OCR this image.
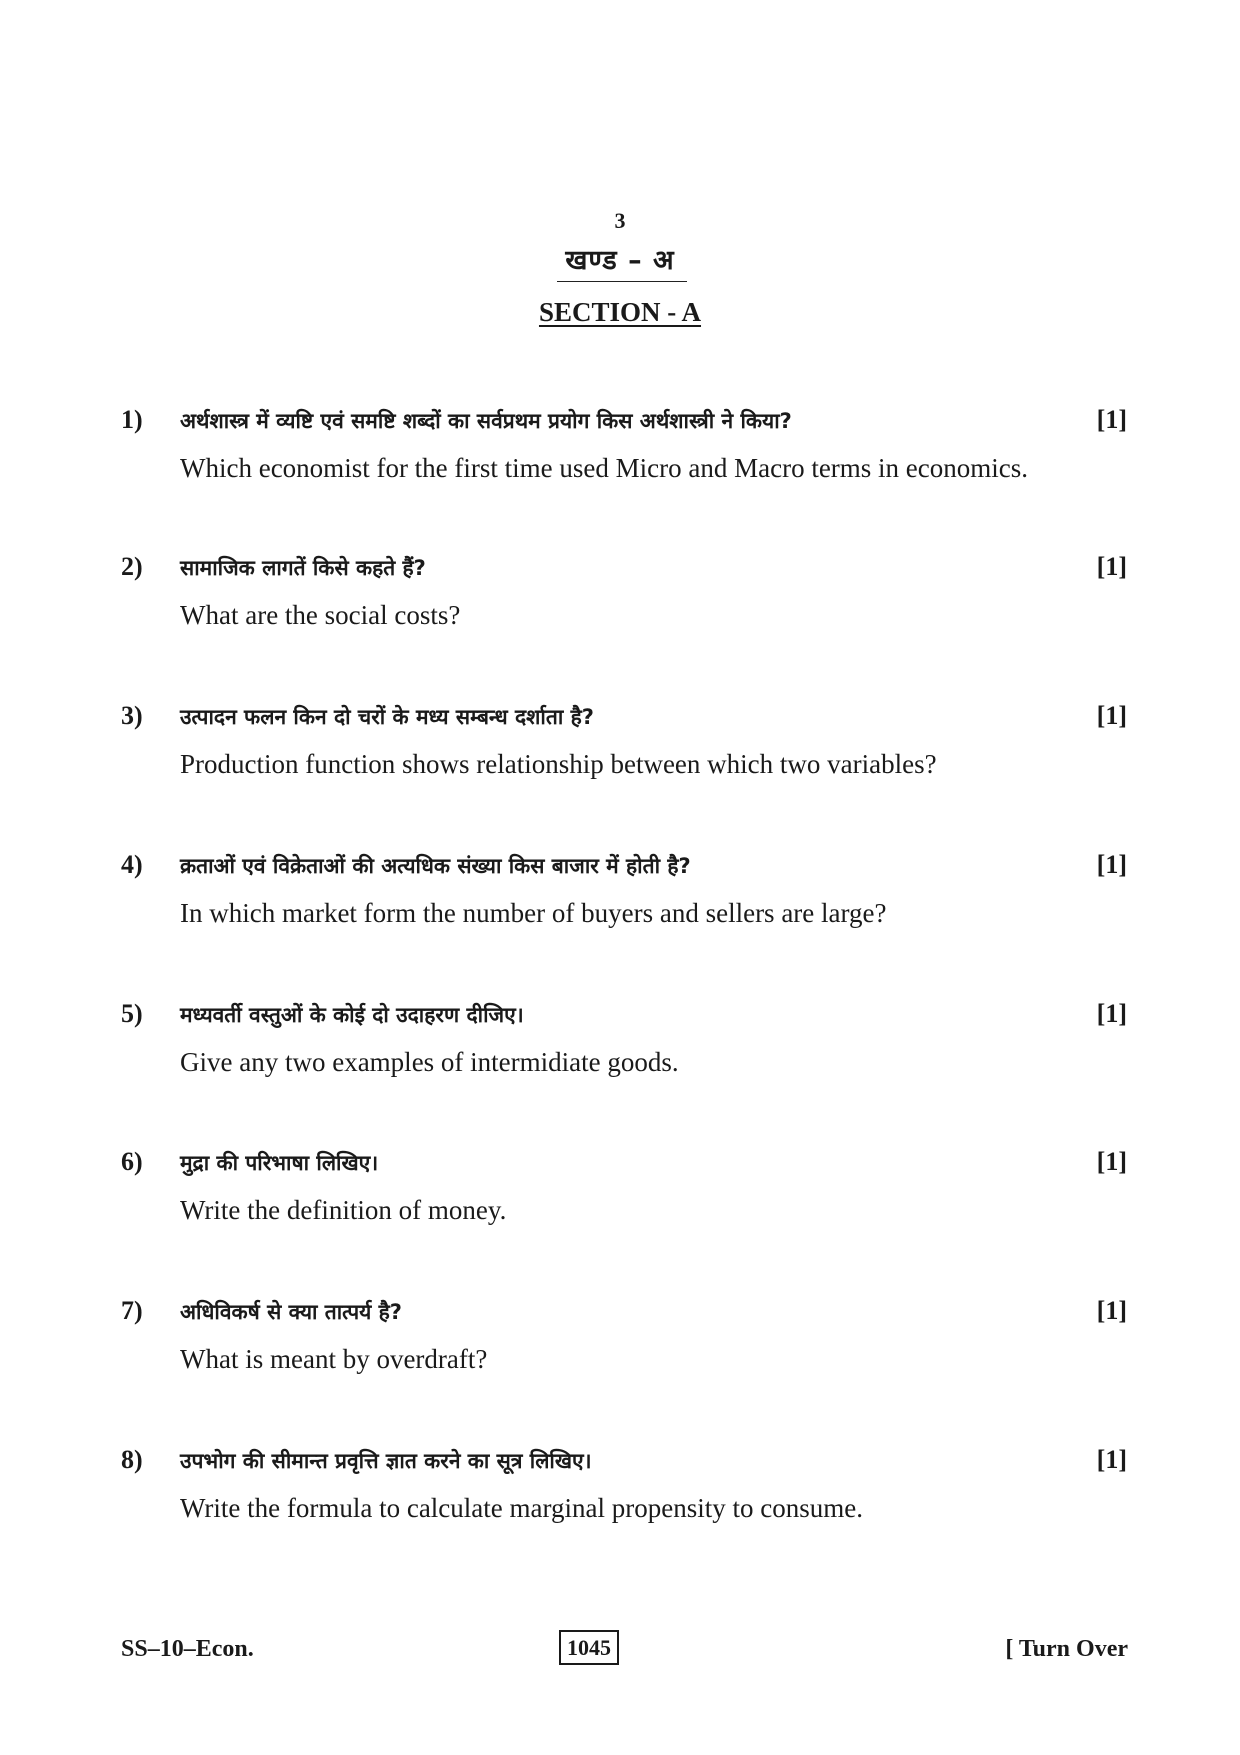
3
खण्ड – अ
SECTION - A
1) अर्थशास्त्र में व्यष्टि एवं समष्टि शब्दों का सर्वप्रथम प्रयोग किस अर्थशास्त्री ने किया?	[1]
Which economist for the first time used Micro and Macro terms in economics.
2) सामाजिक लागतें किसे कहते हैं?	[1]
What are the social costs?
3) उत्पादन फलन किन दो चरों के मध्य सम्बन्ध दर्शाता है?	[1]
Production function shows relationship between which two variables?
4) क्रताओं एवं विक्रेताओं की अत्यधिक संख्या किस बाजार में होती है?	[1]
In which market form the number of buyers and sellers are large?
5) मध्यवर्ती वस्तुओं के कोई दो उदाहरण दीजिए।	[1]
Give any two examples of intermidiate goods.
6) मुद्रा की परिभाषा लिखिए।	[1]
Write the definition of money.
7) अधिविकर्ष से क्या तात्पर्य है?	[1]
What is meant by overdraft?
8) उपभोग की सीमान्त प्रवृत्ति ज्ञात करने का सूत्र लिखिए।	[1]
Write the formula to calculate marginal propensity to consume.
SS–10–Econ.	1045	[ Turn Over
